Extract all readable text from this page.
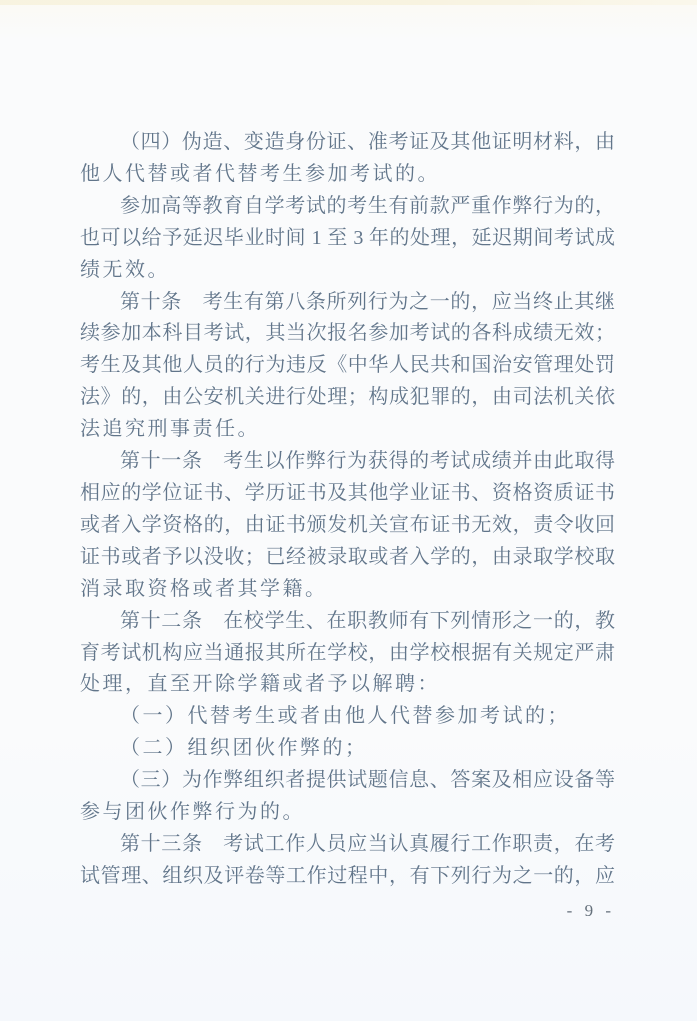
（四）伪造、变造身份证、准考证及其他证明材料，由
他人代替或者代替考生参加考试的。
参加高等教育自学考试的考生有前款严重作弊行为的，
也可以给予延迟毕业时间 1 至 3 年的处理，延迟期间考试成
绩无效。
第十条　考生有第八条所列行为之一的，应当终止其继
续参加本科目考试，其当次报名参加考试的各科成绩无效；
考生及其他人员的行为违反《中华人民共和国治安管理处罚
法》的，由公安机关进行处理；构成犯罪的，由司法机关依
法追究刑事责任。
第十一条　考生以作弊行为获得的考试成绩并由此取得
相应的学位证书、学历证书及其他学业证书、资格资质证书
或者入学资格的，由证书颁发机关宣布证书无效，责令收回
证书或者予以没收；已经被录取或者入学的，由录取学校取
消录取资格或者其学籍。
第十二条　在校学生、在职教师有下列情形之一的，教
育考试机构应当通报其所在学校，由学校根据有关规定严肃
处理，直至开除学籍或者予以解聘：
（一）代替考生或者由他人代替参加考试的；
（二）组织团伙作弊的；
（三）为作弊组织者提供试题信息、答案及相应设备等
参与团伙作弊行为的。
第十三条　考试工作人员应当认真履行工作职责，在考
试管理、组织及评卷等工作过程中，有下列行为之一的，应
- 9 -
